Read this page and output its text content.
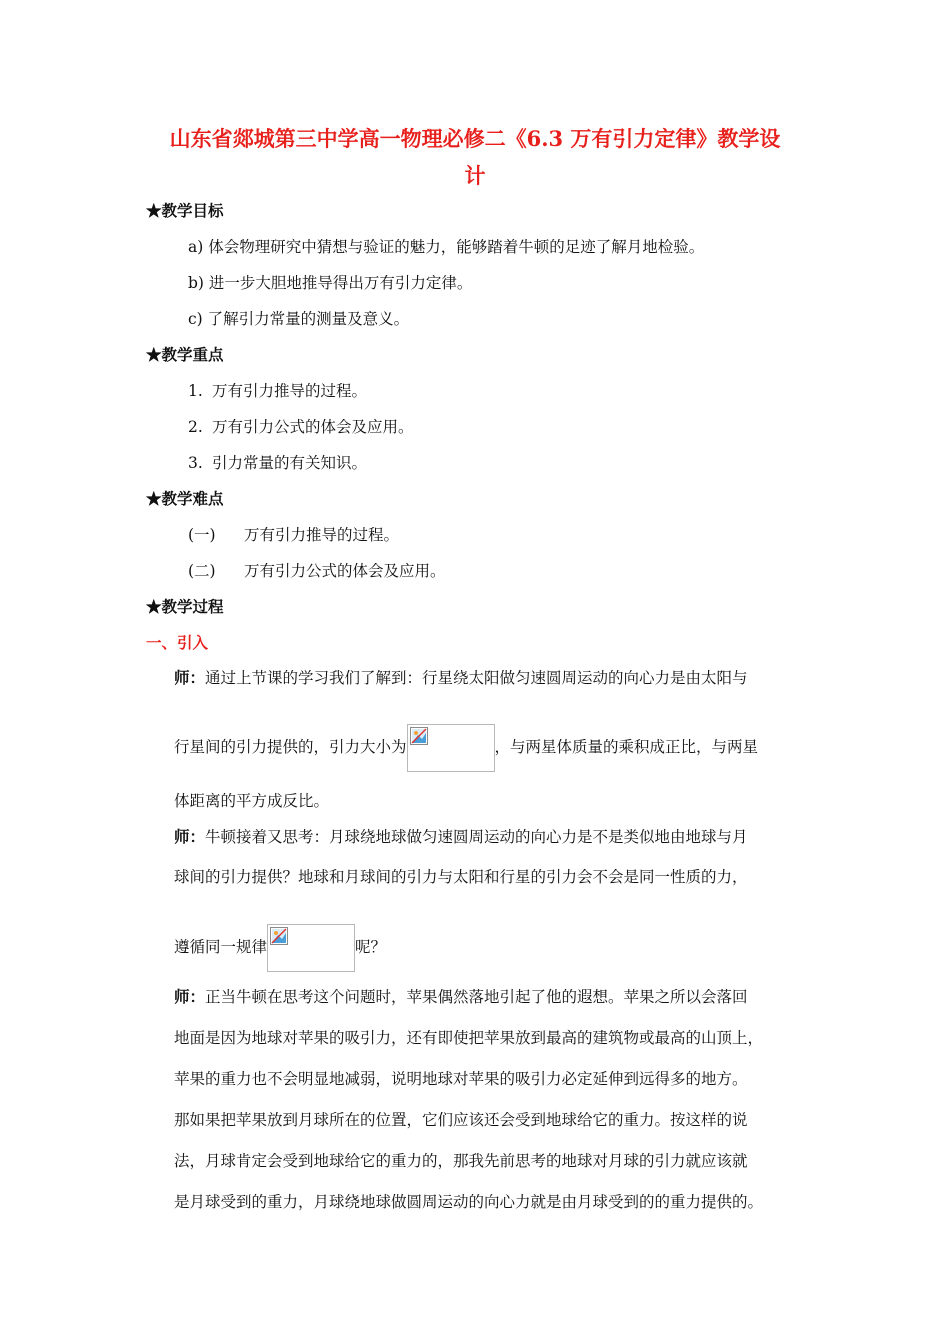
山东省郯城第三中学高一物理必修二《6.3 万有引力定律》教学设
计
★教学目标
a) 体会物理研究中猜想与验证的魅力，能够踏着牛顿的足迹了解月地检验。
b) 进一步大胆地推导得出万有引力定律。
c) 了解引力常量的测量及意义。
★教学重点
1. 万有引力推导的过程。
2. 万有引力公式的体会及应用。
3. 引力常量的有关知识。
★教学难点
(一) 万有引力推导的过程。
(二) 万有引力公式的体会及应用。
★教学过程
一、引入
师：通过上节课的学习我们了解到：行星绕太阳做匀速圆周运动的向心力是由太阳与
行星间的引力提供的，引力大小为	，与两星体质量的乘积成正比，与两星
体距离的平方成反比。
师：牛顿接着又思考：月球绕地球做匀速圆周运动的向心力是不是类似地由地球与月
球间的引力提供？地球和月球间的引力与太阳和行星的引力会不会是同一性质的力，
遵循同一规律	呢？
师：正当牛顿在思考这个问题时，苹果偶然落地引起了他的遐想。苹果之所以会落回
地面是因为地球对苹果的吸引力，还有即使把苹果放到最高的建筑物或最高的山顶上，
苹果的重力也不会明显地减弱，说明地球对苹果的吸引力必定延伸到远得多的地方。
那如果把苹果放到月球所在的位置，它们应该还会受到地球给它的重力。按这样的说
法，月球肯定会受到地球给它的重力的，那我先前思考的地球对月球的引力就应该就
是月球受到的重力，月球绕地球做圆周运动的向心力就是由月球受到的的重力提供的。
